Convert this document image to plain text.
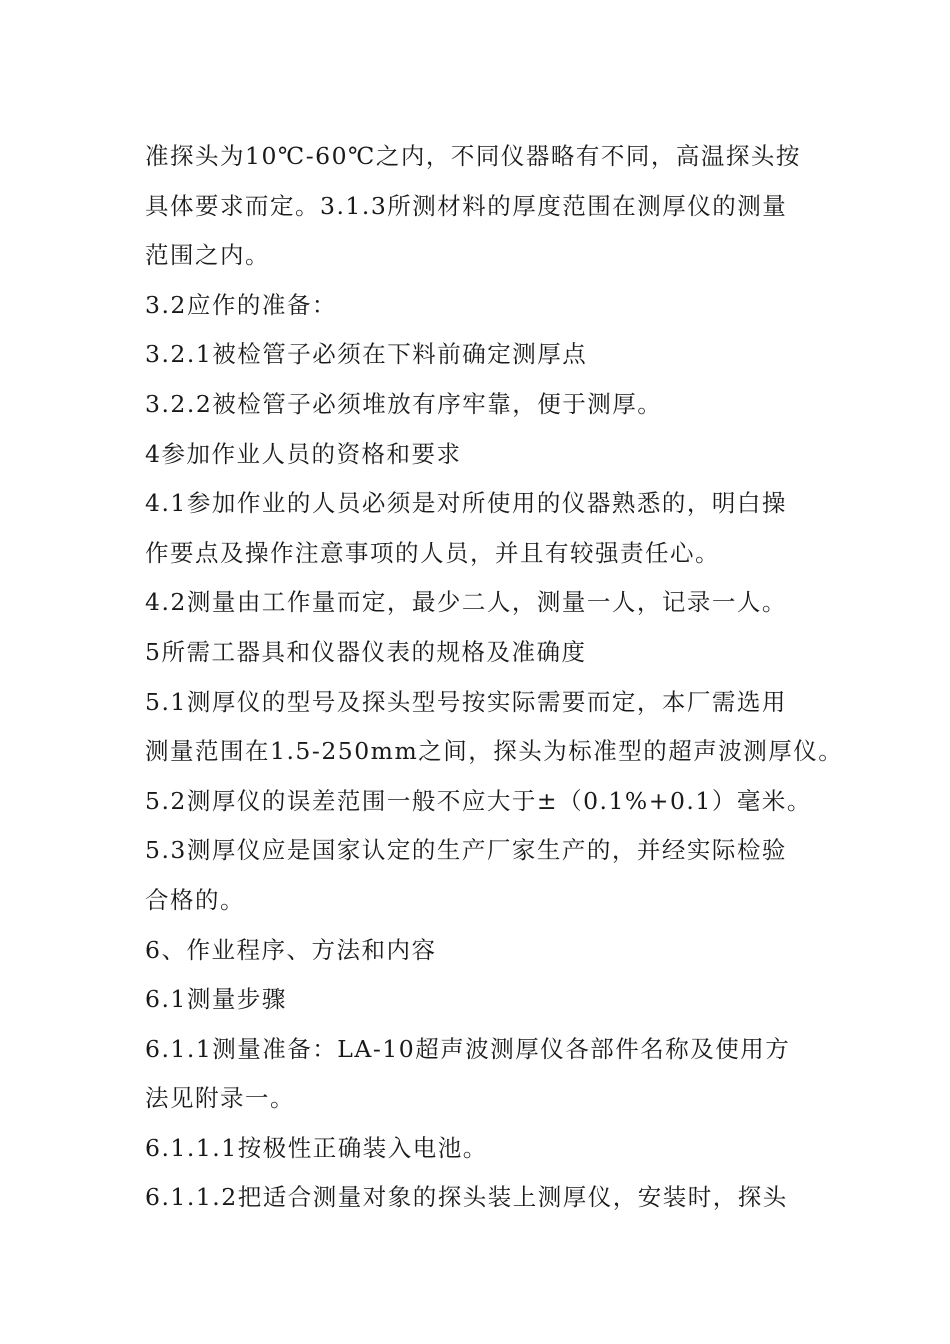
准探头为10℃-60℃之内，不同仪器略有不同，高温探头按
具体要求而定。3.1.3所测材料的厚度范围在测厚仪的测量
范围之内。
3.2应作的准备：
3.2.1被检管子必须在下料前确定测厚点
3.2.2被检管子必须堆放有序牢靠，便于测厚。
4参加作业人员的资格和要求
4.1参加作业的人员必须是对所使用的仪器熟悉的，明白操
作要点及操作注意事项的人员，并且有较强责任心。
4.2测量由工作量而定，最少二人，测量一人，记录一人。
5所需工器具和仪器仪表的规格及准确度
5.1测厚仪的型号及探头型号按实际需要而定，本厂需选用
测量范围在1.5-250mm之间，探头为标准型的超声波测厚仪。
5.2测厚仪的误差范围一般不应大于±（0.1%+0.1）毫米。
5.3测厚仪应是国家认定的生产厂家生产的，并经实际检验
合格的。
6、作业程序、方法和内容
6.1测量步骤
6.1.1测量准备：LA-10超声波测厚仪各部件名称及使用方
法见附录一。
6.1.1.1按极性正确装入电池。
6.1.1.2把适合测量对象的探头装上测厚仪，安装时，探头
